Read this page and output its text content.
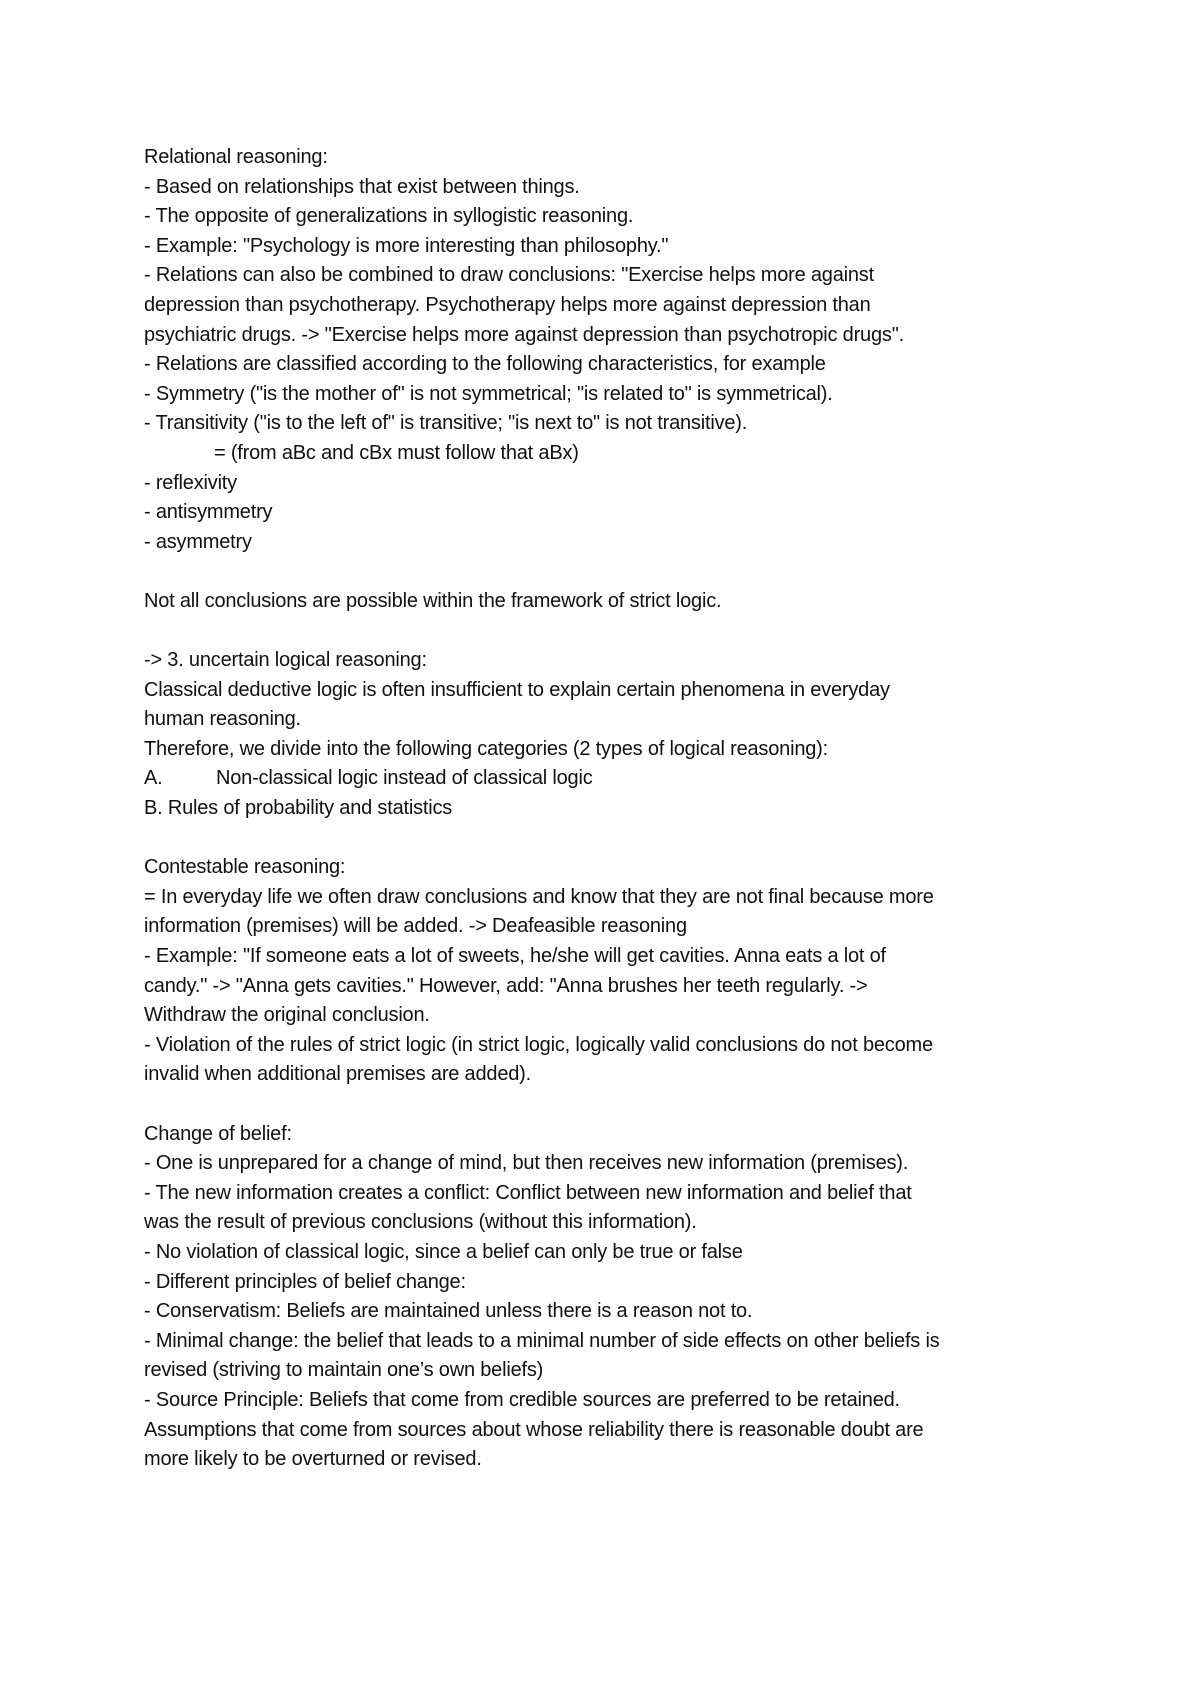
Relational reasoning:
- Based on relationships that exist between things.
- The opposite of generalizations in syllogistic reasoning.
- Example: "Psychology is more interesting than philosophy."
- Relations can also be combined to draw conclusions: "Exercise helps more against
depression than psychotherapy. Psychotherapy helps more against depression than
psychiatric drugs. -> "Exercise helps more against depression than psychotropic drugs".
- Relations are classified according to the following characteristics, for example
- Symmetry ("is the mother of" is not symmetrical; "is related to" is symmetrical).
- Transitivity ("is to the left of" is transitive; "is next to" is not transitive).
= (from aBc and cBx must follow that aBx)
- reflexivity
- antisymmetry
- asymmetry
Not all conclusions are possible within the framework of strict logic.
-> 3. uncertain logical reasoning:
Classical deductive logic is often insufficient to explain certain phenomena in everyday
human reasoning.
Therefore, we divide into the following categories (2 types of logical reasoning):
A.	Non-classical logic instead of classical logic
B. Rules of probability and statistics
Contestable reasoning:
= In everyday life we often draw conclusions and know that they are not final because more
information (premises) will be added. -> Deafeasible reasoning
- Example: "If someone eats a lot of sweets, he/she will get cavities. Anna eats a lot of
candy." -> "Anna gets cavities." However, add: "Anna brushes her teeth regularly. ->
Withdraw the original conclusion.
- Violation of the rules of strict logic (in strict logic, logically valid conclusions do not become
invalid when additional premises are added).
Change of belief:
- One is unprepared for a change of mind, but then receives new information (premises).
- The new information creates a conflict: Conflict between new information and belief that
was the result of previous conclusions (without this information).
- No violation of classical logic, since a belief can only be true or false
- Different principles of belief change:
- Conservatism: Beliefs are maintained unless there is a reason not to.
- Minimal change: the belief that leads to a minimal number of side effects on other beliefs is
revised (striving to maintain one’s own beliefs)
- Source Principle: Beliefs that come from credible sources are preferred to be retained.
Assumptions that come from sources about whose reliability there is reasonable doubt are
more likely to be overturned or revised.
